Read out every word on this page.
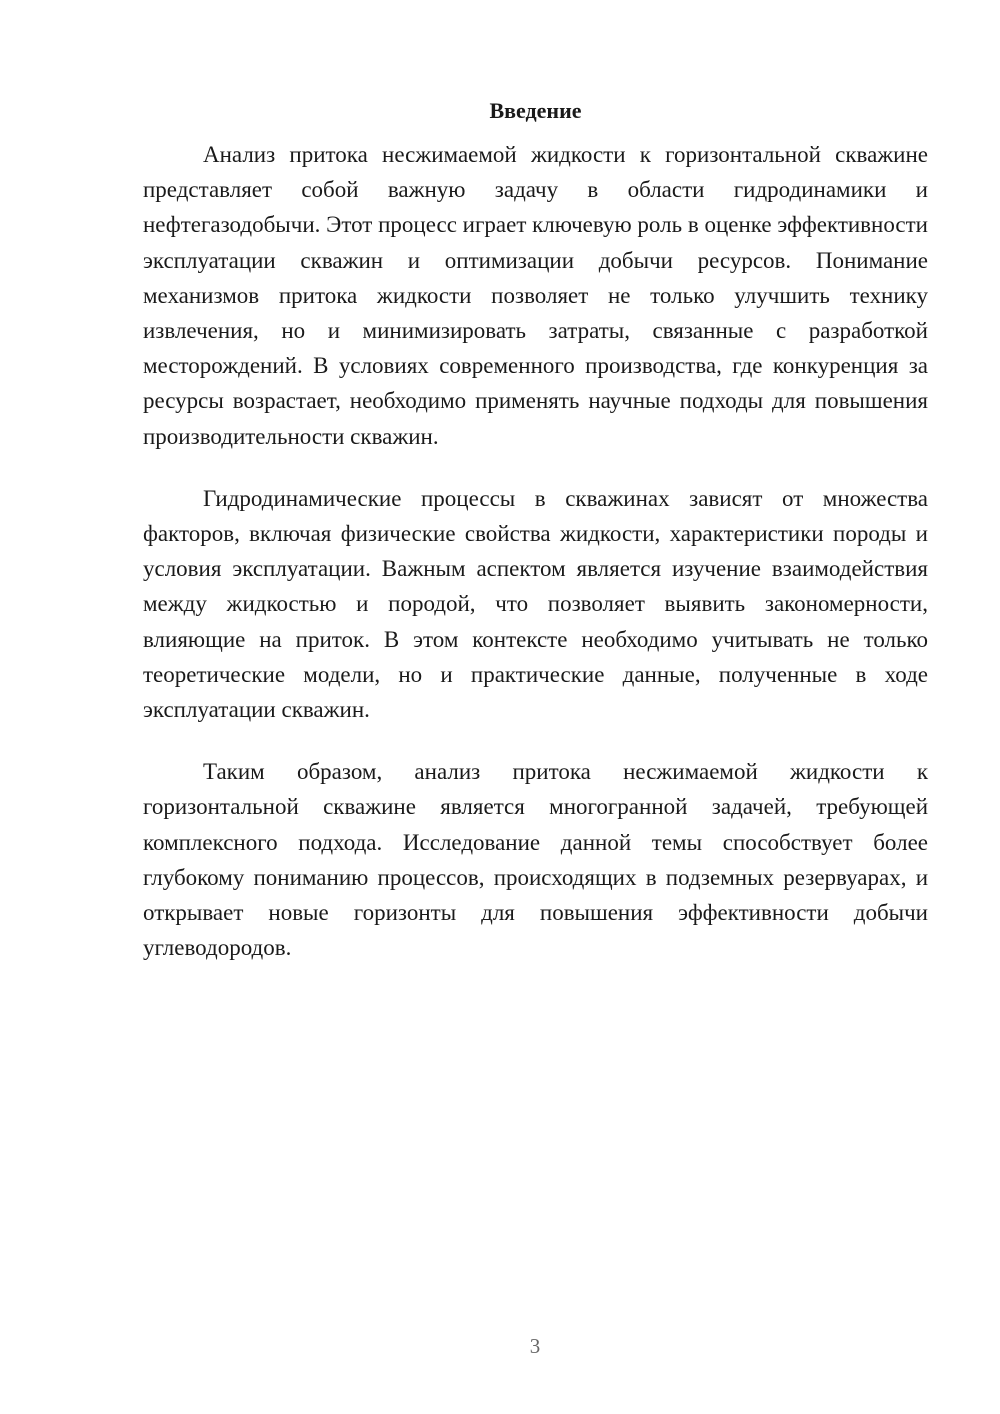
Введение

Анализ притока несжимаемой жидкости к горизонтальной скважине представляет собой важную задачу в области гидродинамики и нефтегазодобычи. Этот процесс играет ключевую роль в оценке эффективности эксплуатации скважин и оптимизации добычи ресурсов. Понимание механизмов притока жидкости позволяет не только улучшить технику извлечения, но и минимизировать затраты, связанные с разработкой месторождений. В условиях современного производства, где конкуренция за ресурсы возрастает, необходимо применять научные подходы для повышения производительности скважин.

Гидродинамические процессы в скважинах зависят от множества факторов, включая физические свойства жидкости, характеристики породы и условия эксплуатации. Важным аспектом является изучение взаимодействия между жидкостью и породой, что позволяет выявить закономерности, влияющие на приток. В этом контексте необходимо учитывать не только теоретические модели, но и практические данные, полученные в ходе эксплуатации скважин.

Таким образом, анализ притока несжимаемой жидкости к горизонтальной скважине является многогранной задачей, требующей комплексного подхода. Исследование данной темы способствует более глубокому пониманию процессов, происходящих в подземных резервуарах, и открывает новые горизонты для повышения эффективности добычи углеводородов.

3
